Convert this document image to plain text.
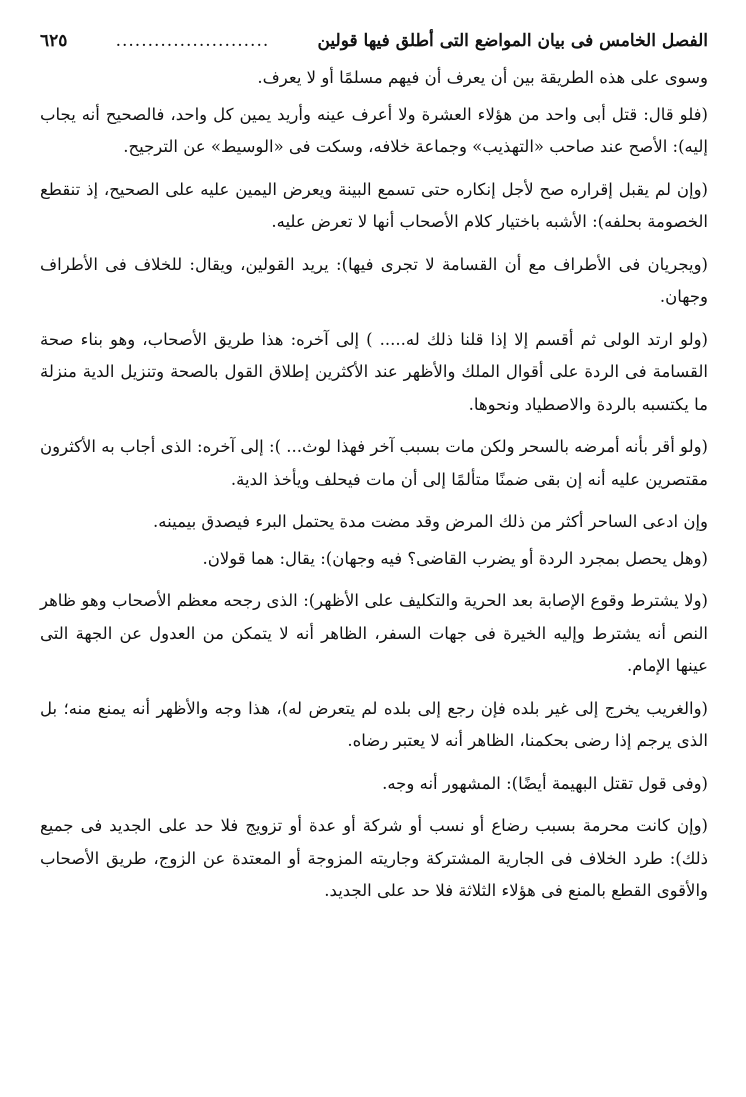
الفصل الخامس فى بيان المواضع التى أطلق فيها قولين
........................
٦٢٥

وسوى على هذه الطريقة بين أن يعرف أن فيهم مسلمًا أو لا يعرف.

(فلو قال: قتل أبى واحد من هؤلاء العشرة ولا أعرف عينه وأريد يمين كل واحد، فالصحيح أنه يجاب إليه): الأصح عند صاحب «التهذيب» وجماعة خلافه، وسكت فى «الوسيط» عن الترجيح.

(وإن لم يقبل إقراره صح لأجل إنكاره حتى تسمع البينة ويعرض اليمين عليه على الصحيح، إذ تنقطع الخصومة بحلفه): الأشبه باختيار كلام الأصحاب أنها لا تعرض عليه.

(ويجريان فى الأطراف مع أن القسامة لا تجرى فيها): يريد القولين، ويقال: للخلاف فى الأطراف وجهان.

(ولو ارتد الولى ثم أقسم إلا إذا قلنا ذلك له..... ) إلى آخره: هذا طريق الأصحاب، وهو بناء صحة القسامة فى الردة على أقوال الملك والأظهر عند الأكثرين إطلاق القول بالصحة وتنزيل الدية منزلة ما يكتسبه بالردة والاصطياد ونحوها.

(ولو أقر بأنه أمرضه بالسحر ولكن مات بسبب آخر فهذا لوث... ): إلى آخره: الذى أجاب به الأكثرون مقتصرين عليه أنه إن بقى ضمنًا متألمًا إلى أن مات فيحلف ويأخذ الدية.

وإن ادعى الساحر أكثر من ذلك المرض وقد مضت مدة يحتمل البرء فيصدق بيمينه.

(وهل يحصل بمجرد الردة أو يضرب القاضى؟ فيه وجهان): يقال: هما قولان.

(ولا يشترط وقوع الإصابة بعد الحرية والتكليف على الأظهر): الذى رجحه معظم الأصحاب وهو ظاهر النص أنه يشترط وإليه الخيرة فى جهات السفر، الظاهر أنه لا يتمكن من العدول عن الجهة التى عينها الإمام.

(والغريب يخرج إلى غير بلده فإن رجع إلى بلده لم يتعرض له)، هذا وجه والأظهر أنه يمنع منه؛ بل الذى يرجم إذا رضى بحكمنا، الظاهر أنه لا يعتبر رضاه.

(وفى قول تقتل البهيمة أيضًا): المشهور أنه وجه.

(وإن كانت محرمة بسبب رضاع أو نسب أو شركة أو عدة أو تزويج فلا حد على الجديد فى جميع ذلك): طرد الخلاف فى الجارية المشتركة وجاريته المزوجة أو المعتدة عن الزوج، طريق الأصحاب والأقوى القطع بالمنع فى هؤلاء الثلاثة فلا حد على الجديد.
